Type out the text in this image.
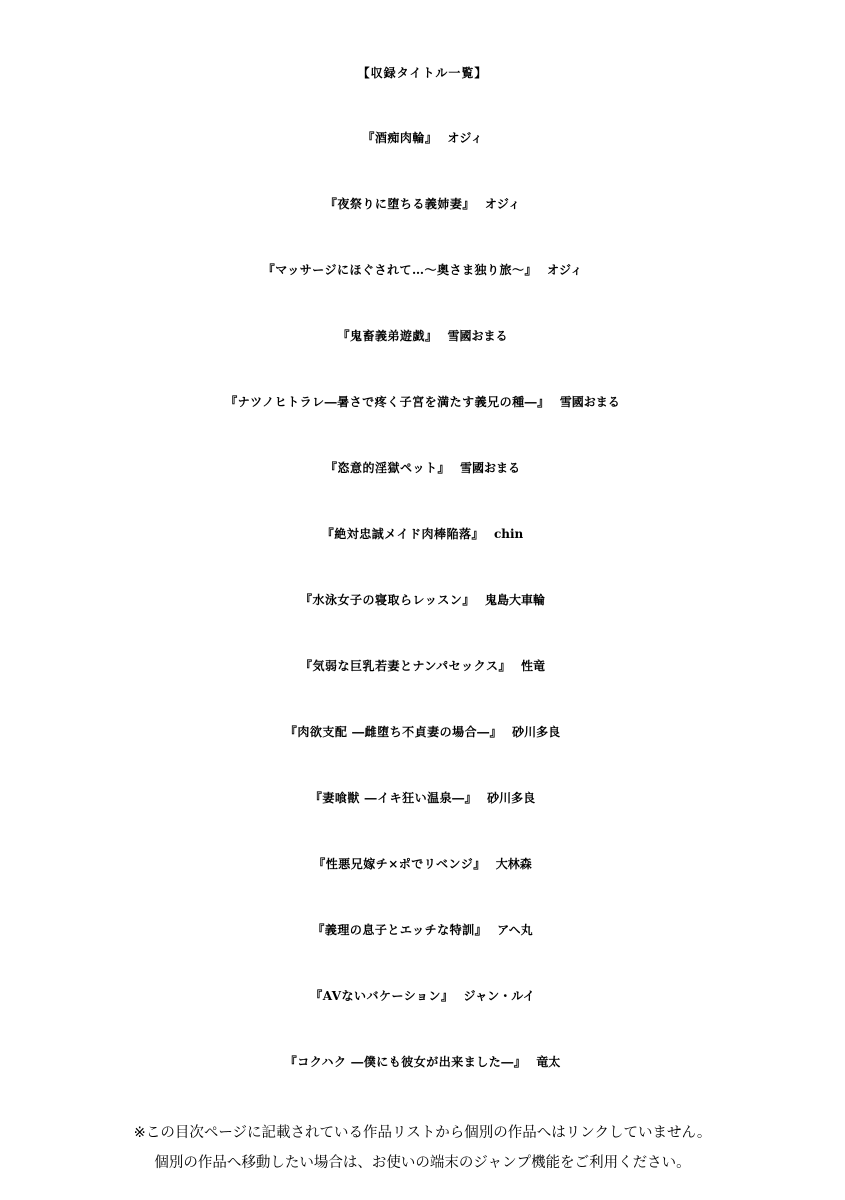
【収録タイトル一覧】
『酒痴肉輪』 オジィ
『夜祭りに堕ちる義姉妻』 オジィ
『マッサージにほぐされて…～奥さま独り旅～』 オジィ
『鬼畜義弟遊戯』 雪國おまる
『ナツノヒトラレ―暑さで疼く子宮を満たす義兄の種―』 雪國おまる
『恣意的淫獄ペット』 雪國おまる
『絶対忠誠メイド肉棒陥落』 chin
『水泳女子の寝取らレッスン』 鬼島大車輪
『気弱な巨乳若妻とナンパセックス』 性竜
『肉欲支配 ―雌堕ち不貞妻の場合―』 砂川多良
『妻喰獣 ―イキ狂い温泉―』 砂川多良
『性悪兄嫁チ×ポでリベンジ』 大林森
『義理の息子とエッチな特訓』 アヘ丸
『AVないバケーション』 ジャン・ルイ
『コクハク ―僕にも彼女が出来ました―』 竜太
※この目次ページに記載されている作品リストから個別の作品へはリンクしていません。
個別の作品へ移動したい場合は、お使いの端末のジャンプ機能をご利用ください。
